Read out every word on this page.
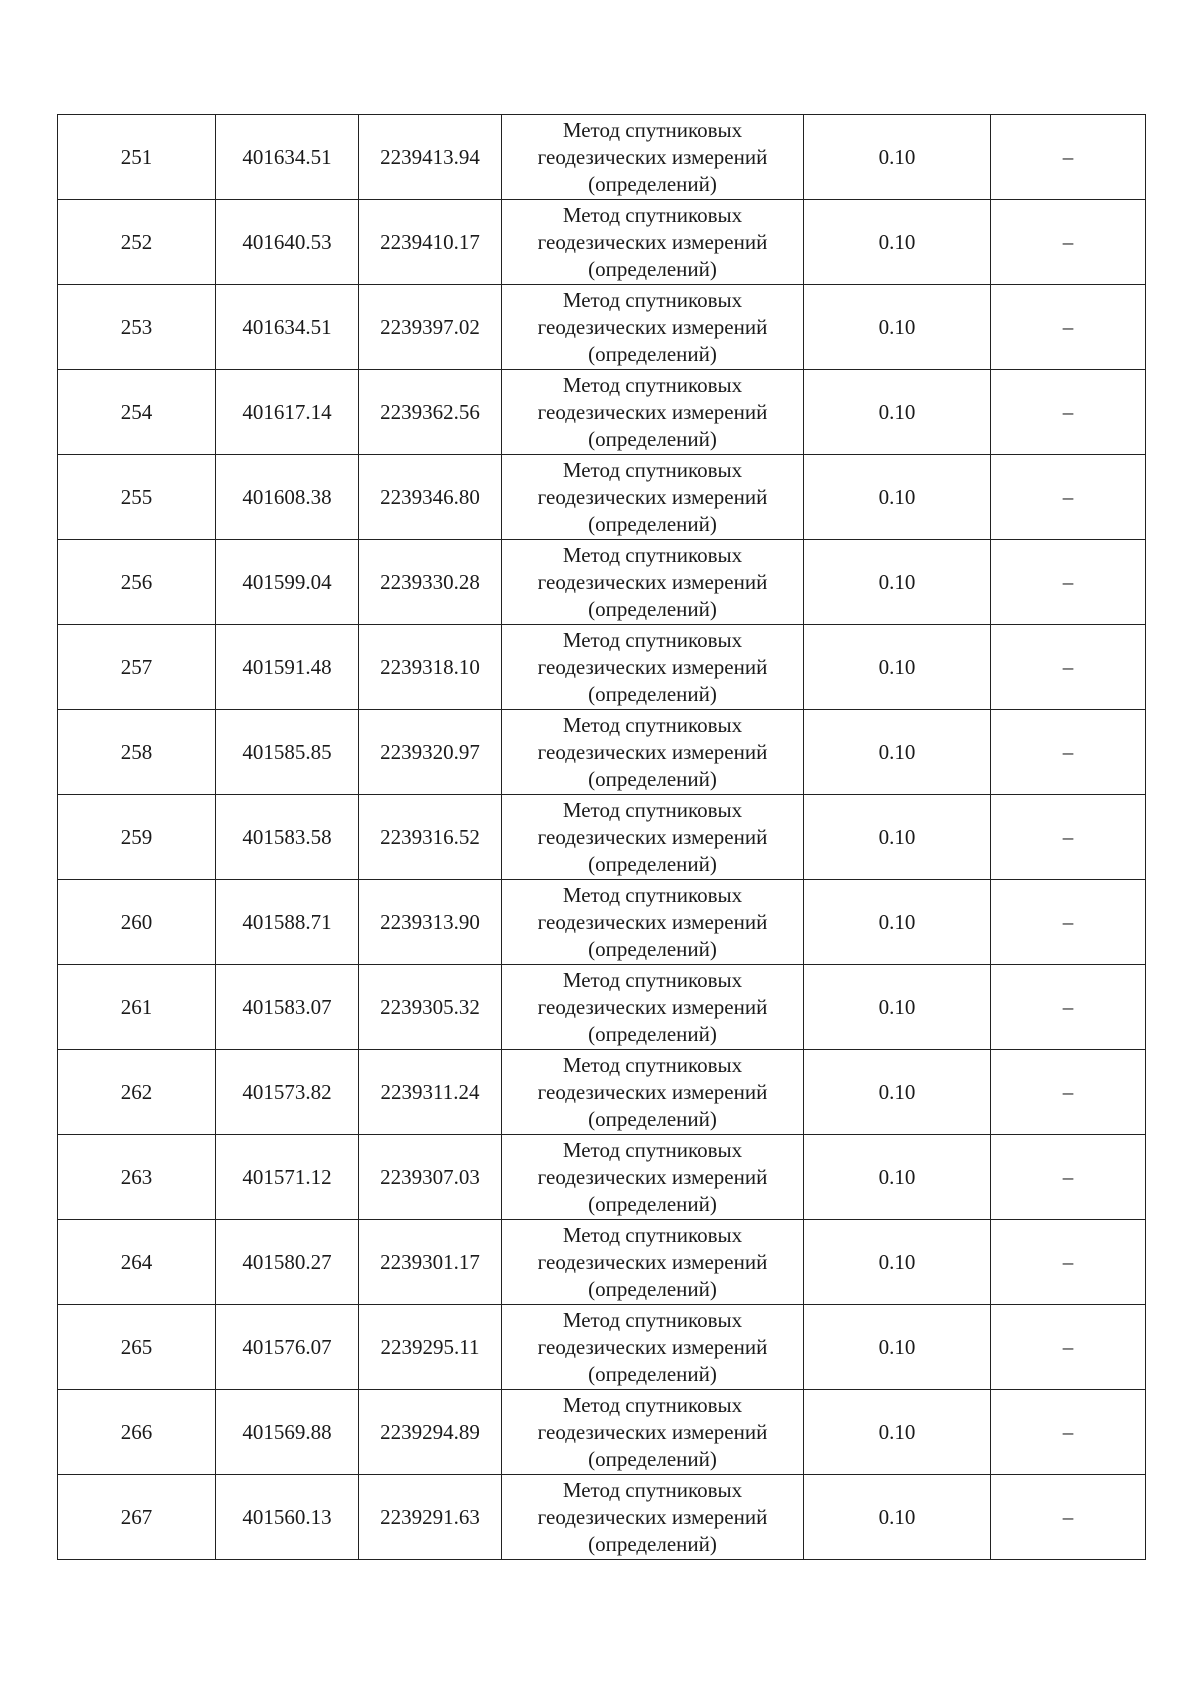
251	401634.51	2239413.94	Метод спутниковых
геодезических измерений
(определений)	0.10	–
252	401640.53	2239410.17	Метод спутниковых
геодезических измерений
(определений)	0.10	–
253	401634.51	2239397.02	Метод спутниковых
геодезических измерений
(определений)	0.10	–
254	401617.14	2239362.56	Метод спутниковых
геодезических измерений
(определений)	0.10	–
255	401608.38	2239346.80	Метод спутниковых
геодезических измерений
(определений)	0.10	–
256	401599.04	2239330.28	Метод спутниковых
геодезических измерений
(определений)	0.10	–
257	401591.48	2239318.10	Метод спутниковых
геодезических измерений
(определений)	0.10	–
258	401585.85	2239320.97	Метод спутниковых
геодезических измерений
(определений)	0.10	–
259	401583.58	2239316.52	Метод спутниковых
геодезических измерений
(определений)	0.10	–
260	401588.71	2239313.90	Метод спутниковых
геодезических измерений
(определений)	0.10	–
261	401583.07	2239305.32	Метод спутниковых
геодезических измерений
(определений)	0.10	–
262	401573.82	2239311.24	Метод спутниковых
геодезических измерений
(определений)	0.10	–
263	401571.12	2239307.03	Метод спутниковых
геодезических измерений
(определений)	0.10	–
264	401580.27	2239301.17	Метод спутниковых
геодезических измерений
(определений)	0.10	–
265	401576.07	2239295.11	Метод спутниковых
геодезических измерений
(определений)	0.10	–
266	401569.88	2239294.89	Метод спутниковых
геодезических измерений
(определений)	0.10	–
267	401560.13	2239291.63	Метод спутниковых
геодезических измерений
(определений)	0.10	–
